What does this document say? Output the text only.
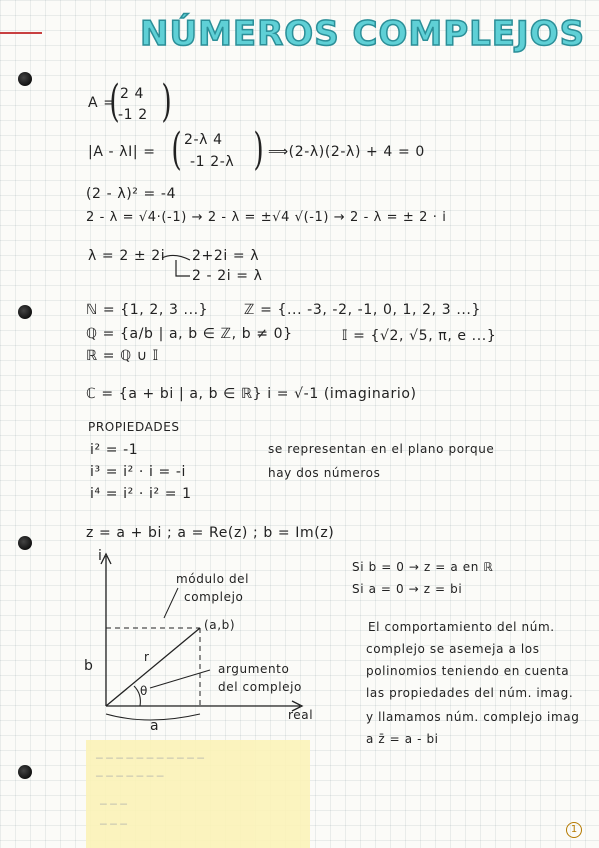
NÚMEROS COMPLEJOS
A =
( 2 4
-1 2 )
|A - λI| = ( 2-λ 4
-1 2-λ ) ⟹(2-λ)(2-λ) + 4 = 0
(2 - λ)² = -4
2 - λ = √4·(-1) → 2 - λ = ±√4 √(-1) → 2 - λ = ± 2 · i
λ = 2 ± 2i 2+2i = λ
2 - 2i = λ
ℕ = {1, 2, 3 ...}	ℤ = {... -3, -2, -1, 0, 1, 2, 3 ...}
ℚ = {a/b | a, b ∈ ℤ, b ≠ 0}	𝕀 = {√2, √5, π, e ...}
ℝ = ℚ ∪ 𝕀
ℂ = {a + bi | a, b ∈ ℝ} i = √-1 (imaginario)
PROPIEDADES
i² = -1
i³ = i² · i = -i
i⁴ = i² · i² = 1
se representan en el plano porque
hay dos números
z = a + bi ; a = Re(z) ; b = Im(z)
i
módulo del
complejo
(a,b)
r
argumento
del complejo
θ
b
a
real
Si b = 0 → z = a en ℝ
Si a = 0 → z = bi
El comportamiento del núm.
complejo se asemeja a los
polinomios teniendo en cuenta
las propiedades del núm. imag.
y llamamos núm. complejo imag
a z̄ = a - bi
─ ─ ─ ─ ─ ─ ─ ─ ─ ─ ─
─ ─ ─ ─ ─ ─ ─
─ ─ ─
─ ─ ─	1
